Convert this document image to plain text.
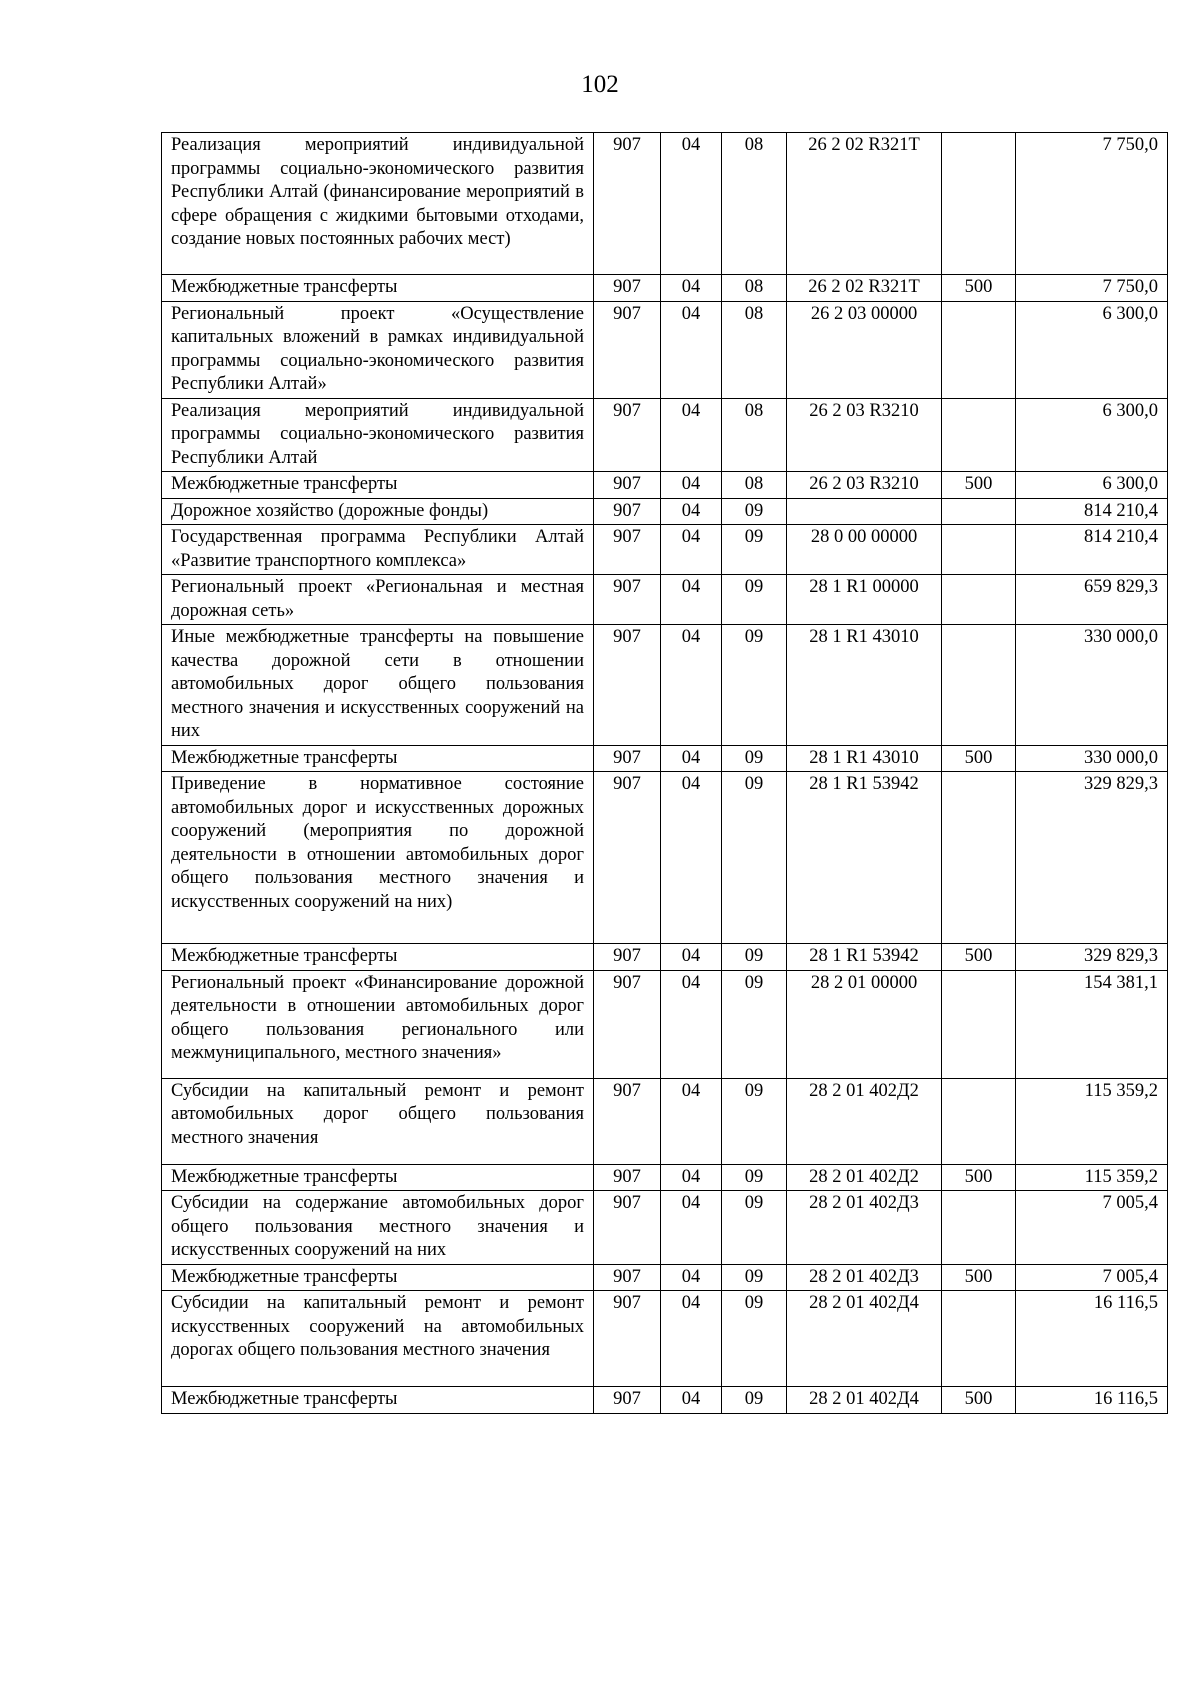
102
Реализация мероприятий индивидуальной программы социально-экономического развития Республики Алтай (финансирование мероприятий в сфере обращения с жидкими бытовыми отходами, создание новых постоянных рабочих мест)	907	04	08	26 2 02 R321T		7 750,0
Межбюджетные трансферты	907	04	08	26 2 02 R321T	500	7 750,0
Региональный проект «Осуществление капитальных вложений в рамках индивидуальной программы социально-экономического развития Республики Алтай»	907	04	08	26 2 03 00000		6 300,0
Реализация мероприятий индивидуальной программы социально-экономического развития Республики Алтай	907	04	08	26 2 03 R3210		6 300,0
Межбюджетные трансферты	907	04	08	26 2 03 R3210	500	6 300,0
Дорожное хозяйство (дорожные фонды)	907	04	09			814 210,4
Государственная программа Республики Алтай «Развитие транспортного комплекса»	907	04	09	28 0 00 00000		814 210,4
Региональный проект «Региональная и местная дорожная сеть»	907	04	09	28 1 R1 00000		659 829,3
Иные межбюджетные трансферты на повышение качества дорожной сети в отношении автомобильных дорог общего пользования местного значения и искусственных сооружений на них	907	04	09	28 1 R1 43010		330 000,0
Межбюджетные трансферты	907	04	09	28 1 R1 43010	500	330 000,0
Приведение в нормативное состояние автомобильных дорог и искусственных дорожных сооружений (мероприятия по дорожной деятельности в отношении автомобильных дорог общего пользования местного значения и искусственных сооружений на них)	907	04	09	28 1 R1 53942		329 829,3
Межбюджетные трансферты	907	04	09	28 1 R1 53942	500	329 829,3
Региональный проект «Финансирование дорожной деятельности в отношении автомобильных дорог общего пользования регионального или межмуниципального, местного значения»	907	04	09	28 2 01 00000		154 381,1
Субсидии на капитальный ремонт и ремонт автомобильных дорог общего пользования местного значения	907	04	09	28 2 01 402Д2		115 359,2
Межбюджетные трансферты	907	04	09	28 2 01 402Д2	500	115 359,2
Субсидии на содержание автомобильных дорог общего пользования местного значения и искусственных сооружений на них	907	04	09	28 2 01 402Д3		7 005,4
Межбюджетные трансферты	907	04	09	28 2 01 402Д3	500	7 005,4
Субсидии на капитальный ремонт и ремонт искусственных сооружений на автомобильных дорогах общего пользования местного значения	907	04	09	28 2 01 402Д4		16 116,5
Межбюджетные трансферты	907	04	09	28 2 01 402Д4	500	16 116,5
